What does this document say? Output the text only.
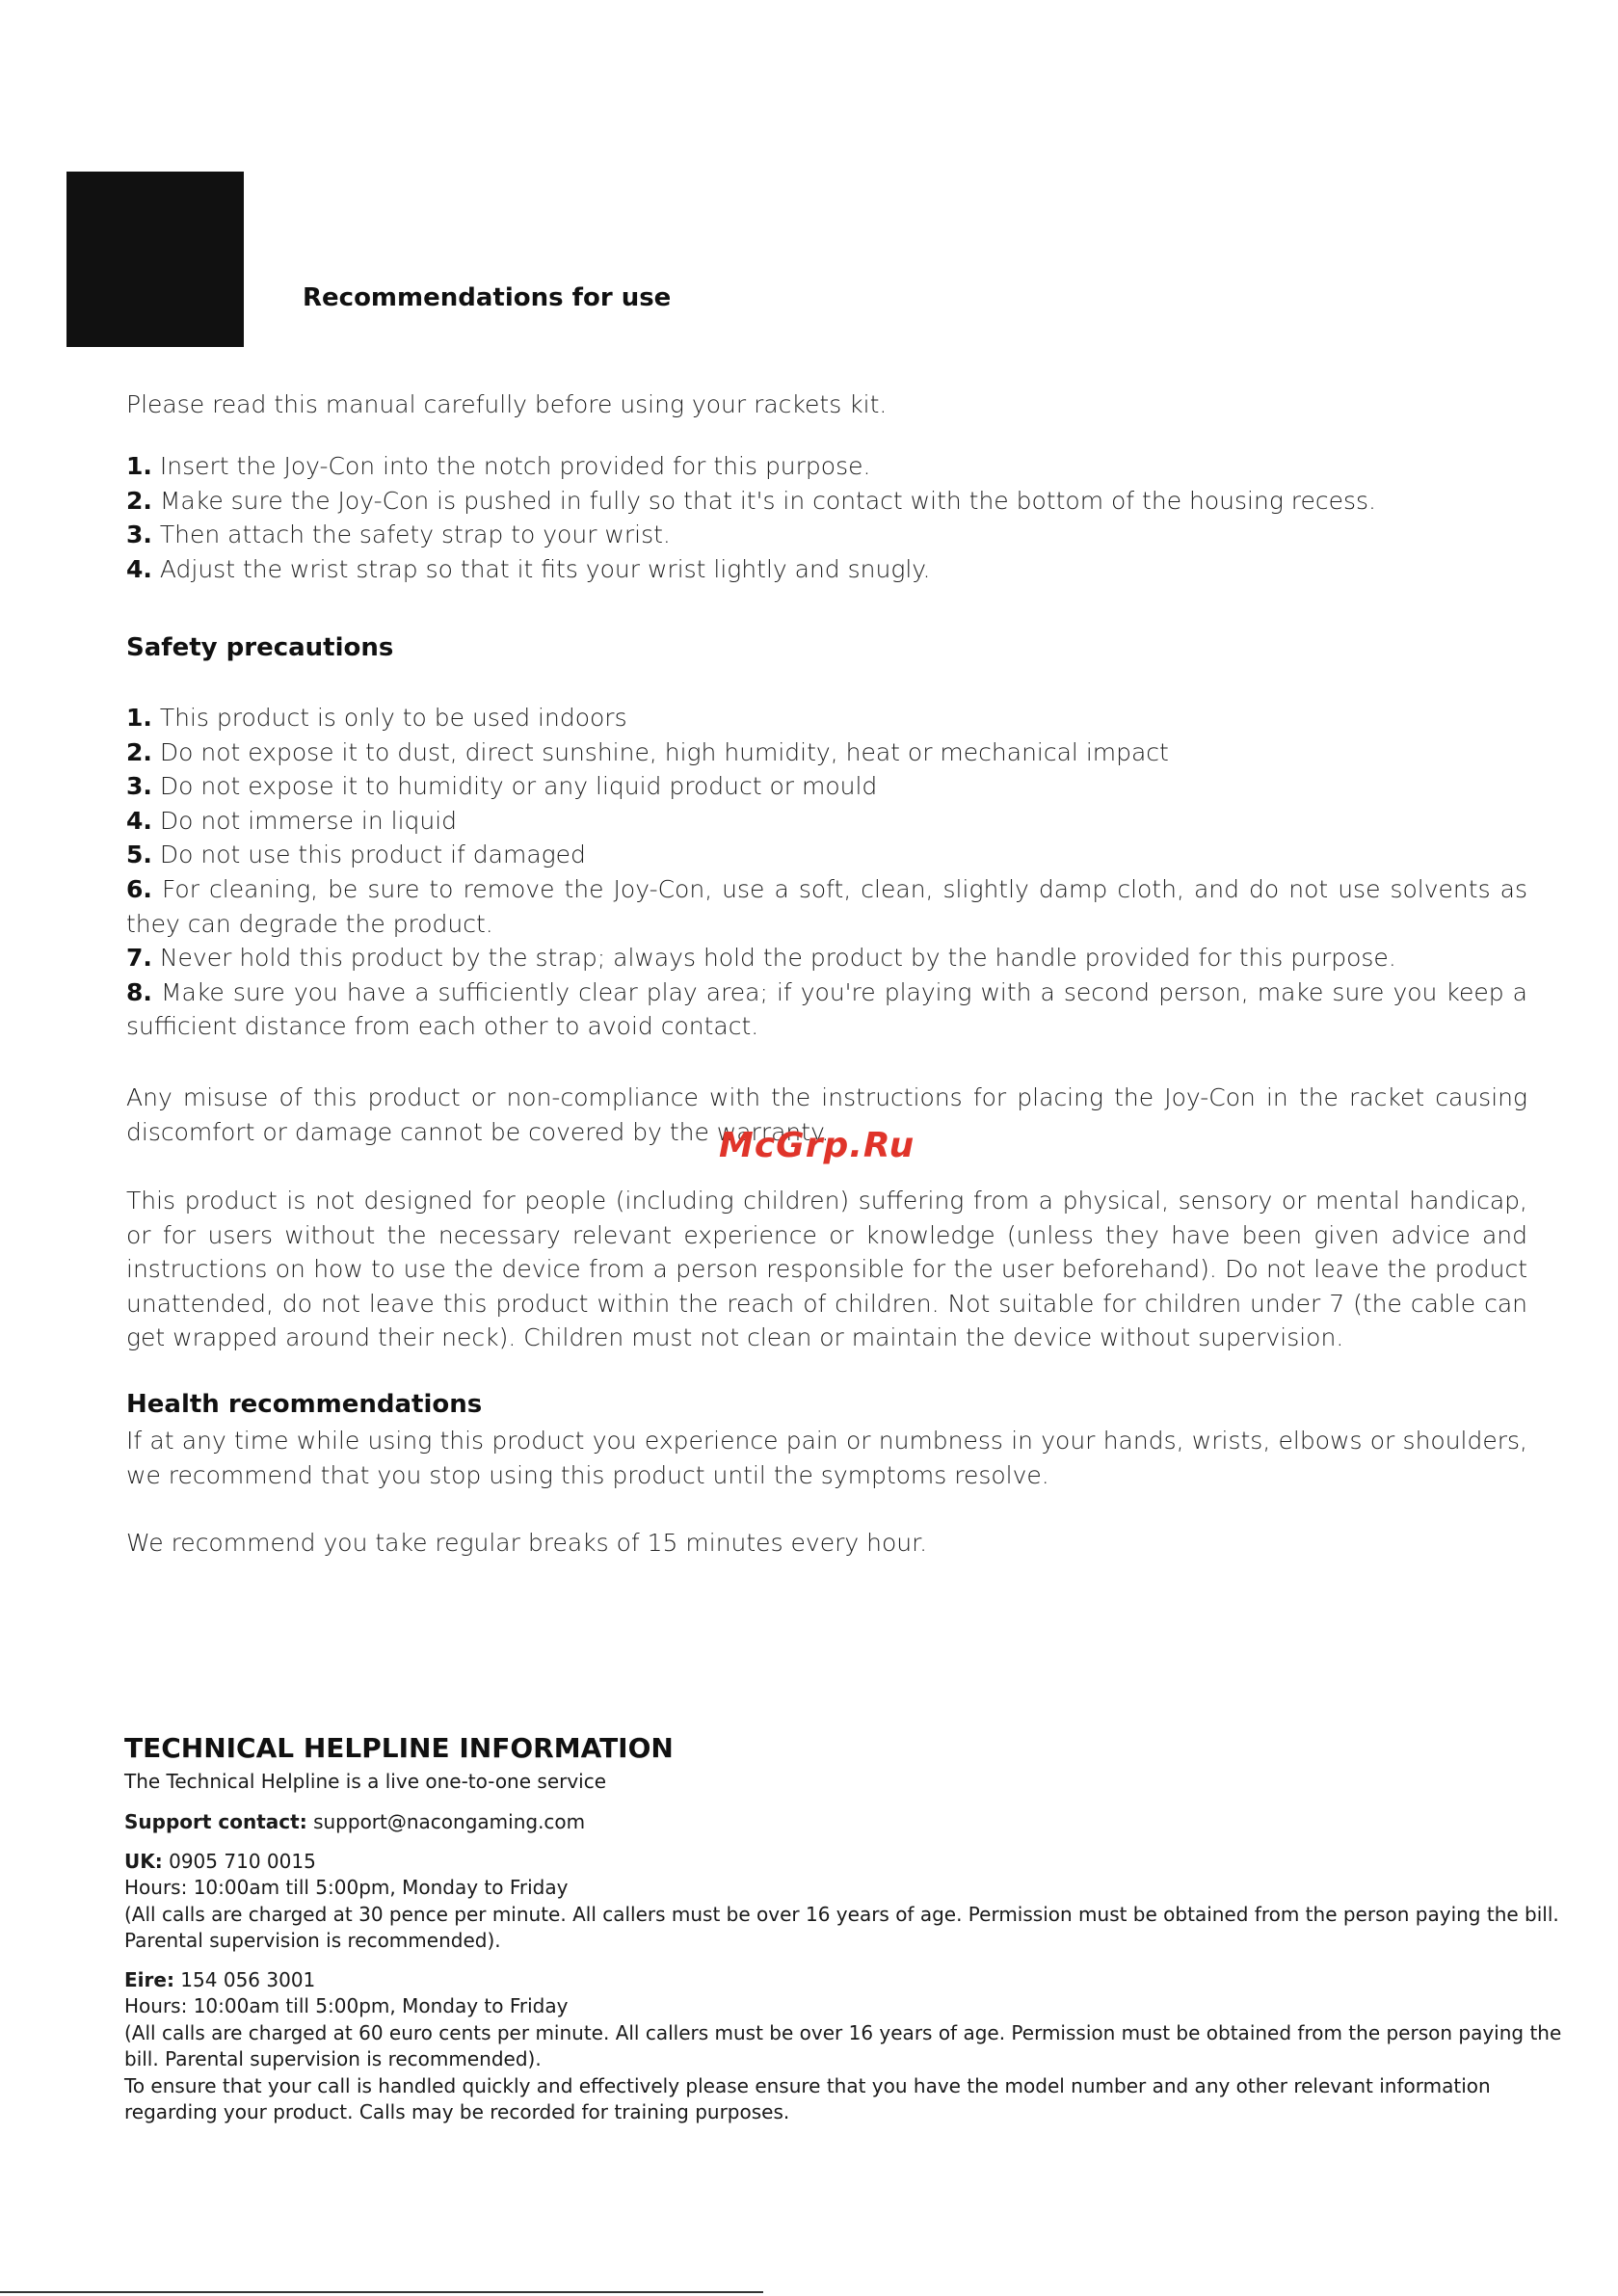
Recommendations for use

Please read this manual carefully before using your rackets kit.

1. Insert the Joy-Con into the notch provided for this purpose.
2. Make sure the Joy-Con is pushed in fully so that it's in contact with the bottom of the housing recess.
3. Then attach the safety strap to your wrist.
4. Adjust the wrist strap so that it fits your wrist lightly and snugly.
Safety precautions
1. This product is only to be used indoors
2. Do not expose it to dust, direct sunshine, high humidity, heat or mechanical impact
3. Do not expose it to humidity or any liquid product or mould
4. Do not immerse in liquid
5. Do not use this product if damaged
6. For cleaning, be sure to remove the Joy-Con, use a soft, clean, slightly damp cloth, and do not use solvents as they can degrade the product.
7. Never hold this product by the strap; always hold the product by the handle provided for this purpose.
8. Make sure you have a sufficiently clear play area; if you're playing with a second person, make sure you keep a sufficient distance from each other to avoid contact.

Any misuse of this product or non-compliance with the instructions for placing the Joy-Con in the racket causing discomfort or damage cannot be covered by the warranty.

McGrp.Ru

This product is not designed for people (including children) suffering from a physical, sensory or mental handicap, or for users without the necessary relevant experience or knowledge (unless they have been given advice and instructions on how to use the device from a person responsible for the user beforehand). Do not leave the product unattended, do not leave this product within the reach of children. Not suitable for children under 7 (the cable can get wrapped around their neck). Children must not clean or maintain the device without supervision.

Health recommendations

If at any time while using this product you experience pain or numbness in your hands, wrists, elbows or shoulders, we recommend that you stop using this product until the symptoms resolve.

We recommend you take regular breaks of 15 minutes every hour.

TECHNICAL HELPLINE INFORMATION
The Technical Helpline is a live one-to-one service
Support contact: support@nacongaming.com
UK: 0905 710 0015
Hours: 10:00am till 5:00pm, Monday to Friday
(All calls are charged at 30 pence per minute. All callers must be over 16 years of age. Permission must be obtained from the person paying the bill. Parental supervision is recommended).
Eire: 154 056 3001
Hours: 10:00am till 5:00pm, Monday to Friday
(All calls are charged at 60 euro cents per minute. All callers must be over 16 years of age. Permission must be obtained from the person paying the bill. Parental supervision is recommended).
To ensure that your call is handled quickly and effectively please ensure that you have the model number and any other relevant information regarding your product. Calls may be recorded for training purposes.
